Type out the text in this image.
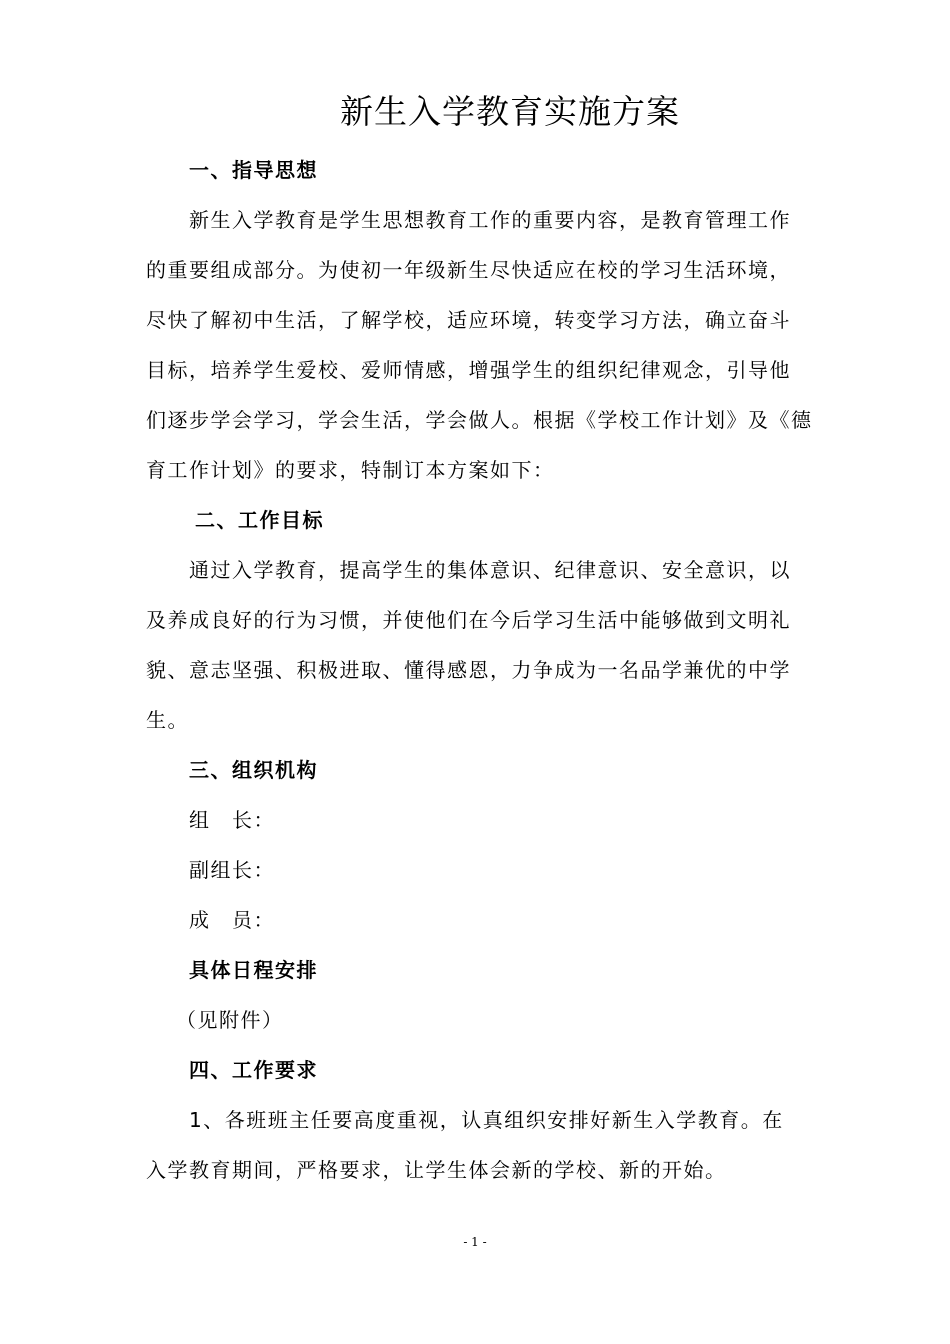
新生入学教育实施方案
一、指导思想
新生入学教育是学生思想教育工作的重要内容，是教育管理工作
的重要组成部分。为使初一年级新生尽快适应在校的学习生活环境，
尽快了解初中生活，了解学校，适应环境，转变学习方法，确立奋斗
目标，培养学生爱校、爱师情感，增强学生的组织纪律观念，引导他
们逐步学会学习，学会生活，学会做人。根据《学校工作计划》及《德
育工作计划》的要求，特制订本方案如下：
二、工作目标
通过入学教育，提高学生的集体意识、纪律意识、安全意识，以
及养成良好的行为习惯，并使他们在今后学习生活中能够做到文明礼
貌、意志坚强、积极进取、懂得感恩，力争成为一名品学兼优的中学
生。
三、组织机构
组　长：
副组长：
成　员：
具体日程安排
（见附件）
四、工作要求
1、各班班主任要高度重视，认真组织安排好新生入学教育。在
入学教育期间，严格要求，让学生体会新的学校、新的开始。
- 1 -
